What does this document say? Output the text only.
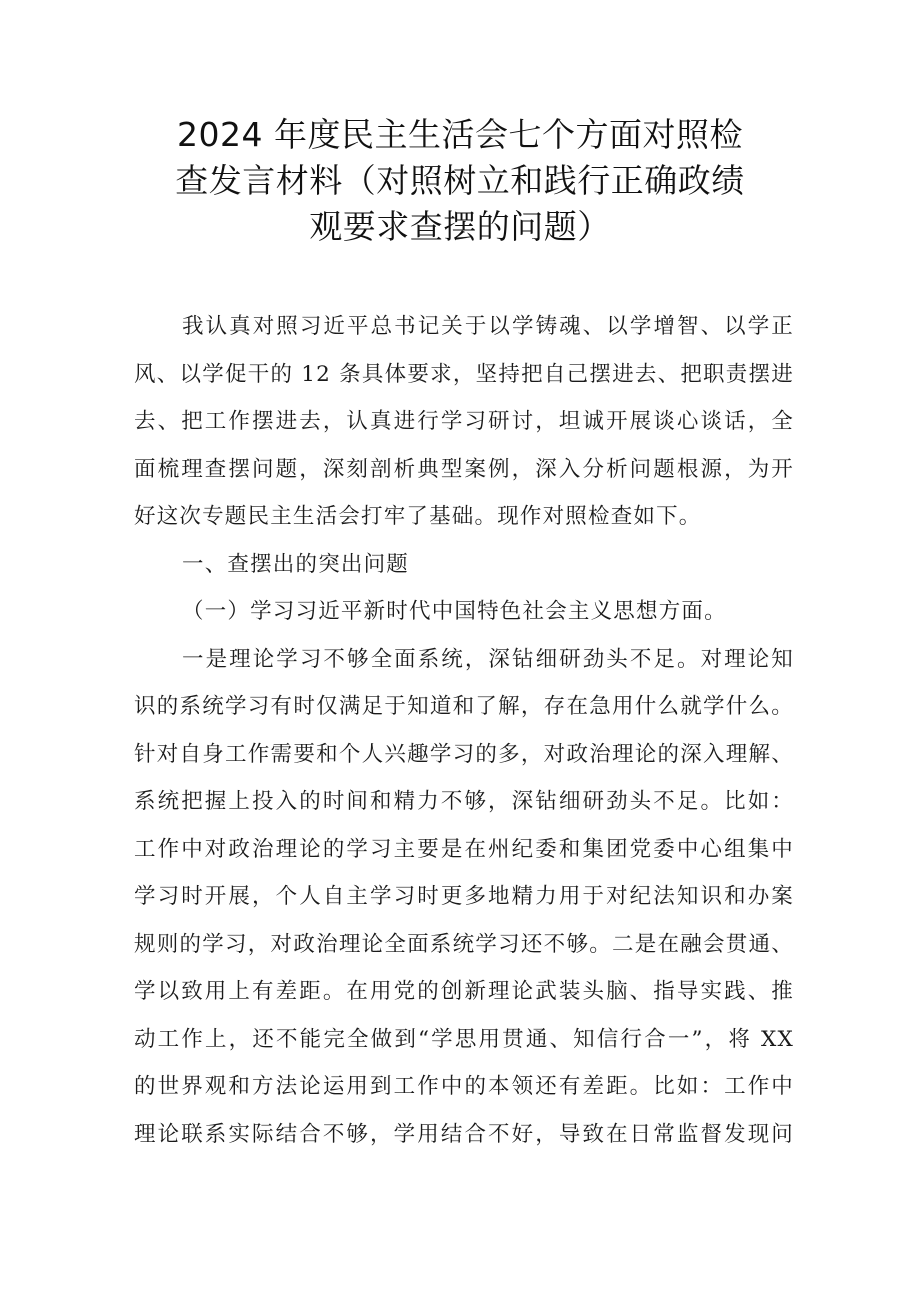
2024 年度民主生活会七个方面对照检
查发言材料（对照树立和践行正确政绩
观要求查摆的问题）
我认真对照习近平总书记关于以学铸魂、以学增智、以学正
风、以学促干的 12 条具体要求，坚持把自己摆进去、把职责摆进
去、把工作摆进去，认真进行学习研讨，坦诚开展谈心谈话，全
面梳理查摆问题，深刻剖析典型案例，深入分析问题根源，为开
好这次专题民主生活会打牢了基础。现作对照检查如下。
一、查摆出的突出问题
（一）学习习近平新时代中国特色社会主义思想方面。
一是理论学习不够全面系统，深钻细研劲头不足。对理论知
识的系统学习有时仅满足于知道和了解，存在急用什么就学什么。
针对自身工作需要和个人兴趣学习的多，对政治理论的深入理解、
系统把握上投入的时间和精力不够，深钻细研劲头不足。比如：
工作中对政治理论的学习主要是在州纪委和集团党委中心组集中
学习时开展，个人自主学习时更多地精力用于对纪法知识和办案
规则的学习，对政治理论全面系统学习还不够。二是在融会贯通、
学以致用上有差距。在用党的创新理论武装头脑、指导实践、推
动工作上，还不能完全做到“学思用贯通、知信行合一”，将 XX
的世界观和方法论运用到工作中的本领还有差距。比如：工作中
理论联系实际结合不够，学用结合不好，导致在日常监督发现问
